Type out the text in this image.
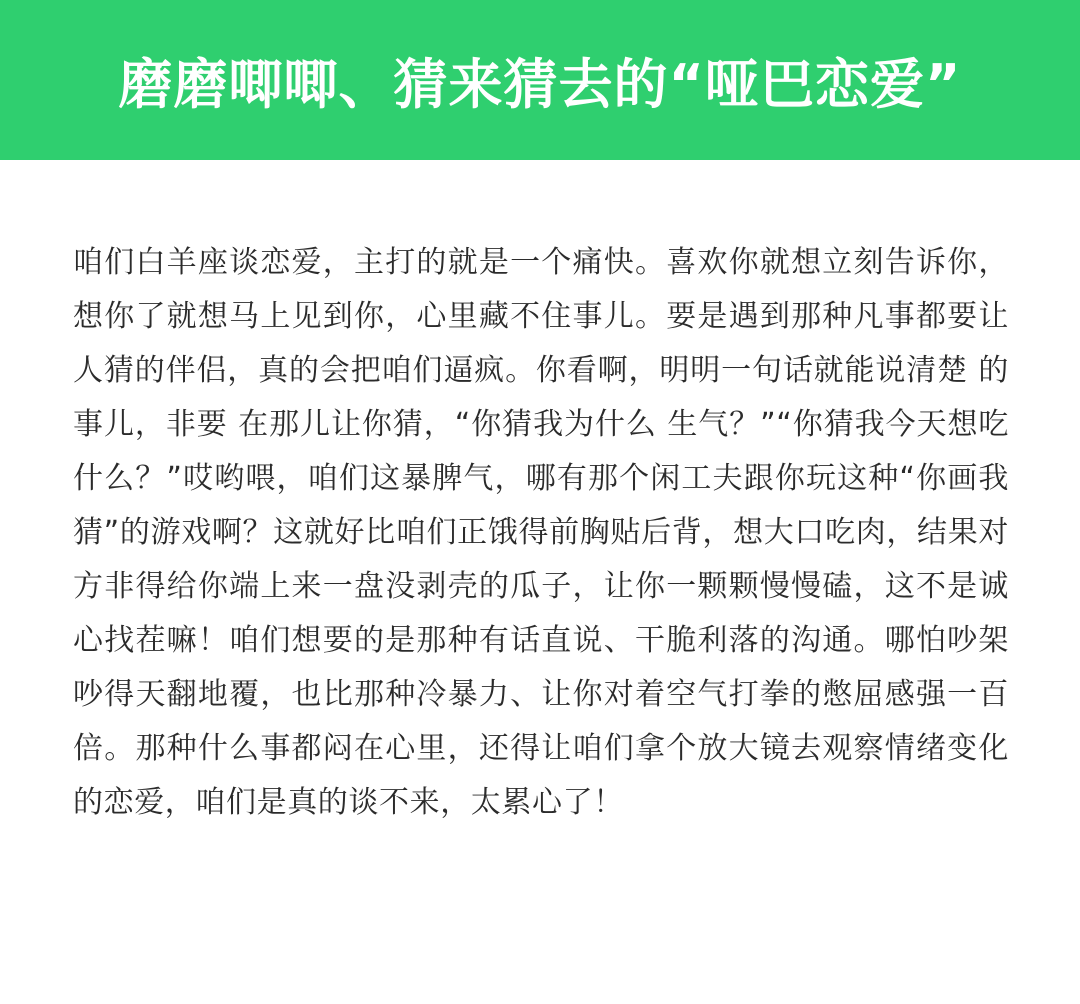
磨磨唧唧、猜来猜去的“哑巴恋爱”

咱们白羊座谈恋爱，主打的就是一个痛快。喜欢你就想立刻告诉你，想你了就想马上见到你，心里藏不住事儿。要是遇到那种凡事都要让人猜的伴侣，真的会把咱们逼疯。你看啊，明明一句话就能说清楚 的事儿，非要 在那儿让你猜，“你猜我为什么 生气？”“你猜我今天想吃什么？”哎哟喂，咱们这暴脾气，哪有那个闲工夫跟你玩这种“你画我猜”的游戏啊？这就好比咱们正饿得前胸贴后背，想大口吃肉，结果对方非得给你端上来一盘没剥壳的瓜子，让你一颗颗慢慢磕，这不是诚心找茬嘛！咱们想要的是那种有话直说、干脆利落的沟通。哪怕吵架吵得天翻地覆，也比那种冷暴力、让你对着空气打拳的憋屈感强一百倍。那种什么事都闷在心里，还得让咱们拿个放大镜去观察情绪变化的恋爱，咱们是真的谈不来，太累心了！
